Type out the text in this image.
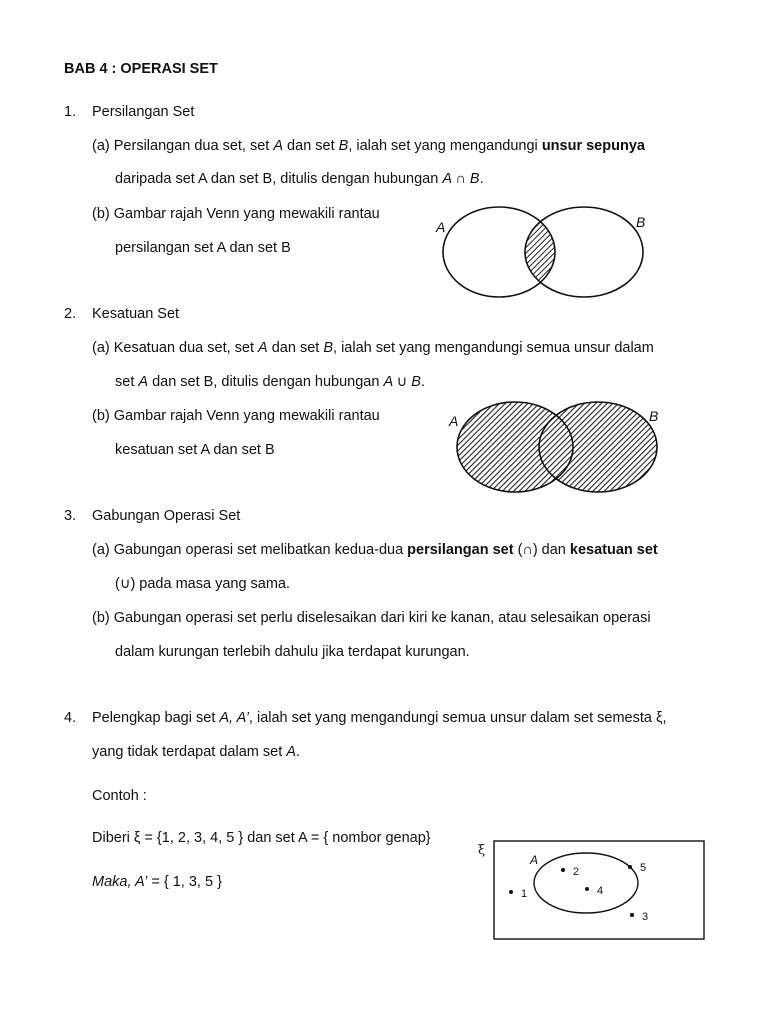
BAB 4 : OPERASI SET
1. Persilangan Set
(a) Persilangan dua set, set A dan set B, ialah set yang mengandungi unsur sepunya
daripada set A dan set B, ditulis dengan hubungan A ∩ B.
(b) Gambar rajah Venn yang mewakili rantau
persilangan set A dan set B
A	B
2. Kesatuan Set
(a) Kesatuan dua set, set A dan set B, ialah set yang mengandungi semua unsur dalam
set A dan set B, ditulis dengan hubungan A ∪ B.
(b) Gambar rajah Venn yang mewakili rantau
kesatuan set A dan set B
A	B
3. Gabungan Operasi Set
(a) Gabungan operasi set melibatkan kedua-dua persilangan set (∩) dan kesatuan set
(∪) pada masa yang sama.
(b) Gabungan operasi set perlu diselesaikan dari kiri ke kanan, atau selesaikan operasi
dalam kurungan terlebih dahulu jika terdapat kurungan.
4. Pelengkap bagi set A, A’, ialah set yang mengandungi semua unsur dalam set semesta ξ,
yang tidak terdapat dalam set A.
Contoh :
Diberi ξ = {1, 2, 3, 4, 5 } dan set A = { nombor genap}
Maka, A’ = { 1, 3, 5 }
ξ
A
2
4
1
5
3
